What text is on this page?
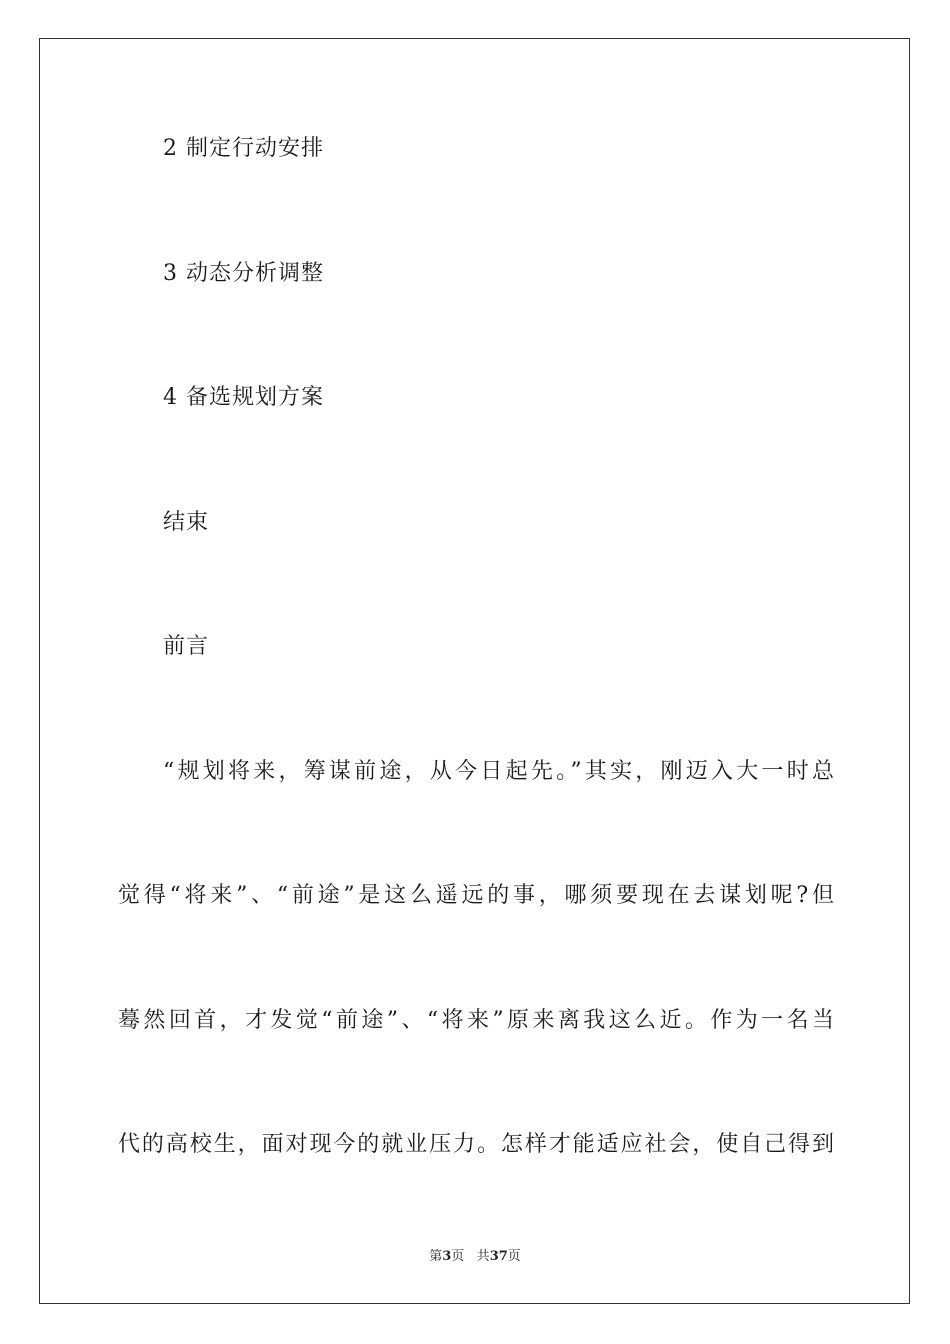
2 制定行动安排
3 动态分析调整
4 备选规划方案
结束
前言
“规划将来，筹谋前途，从今日起先。”其实，刚迈入大一时总
觉得“将来”、“前途”是这么遥远的事，哪须要现在去谋划呢?但
蓦然回首，才发觉“前途”、“将来”原来离我这么近。作为一名当
代的高校生，面对现今的就业压力。怎样才能适应社会，使自己得到
第3页 共37页
